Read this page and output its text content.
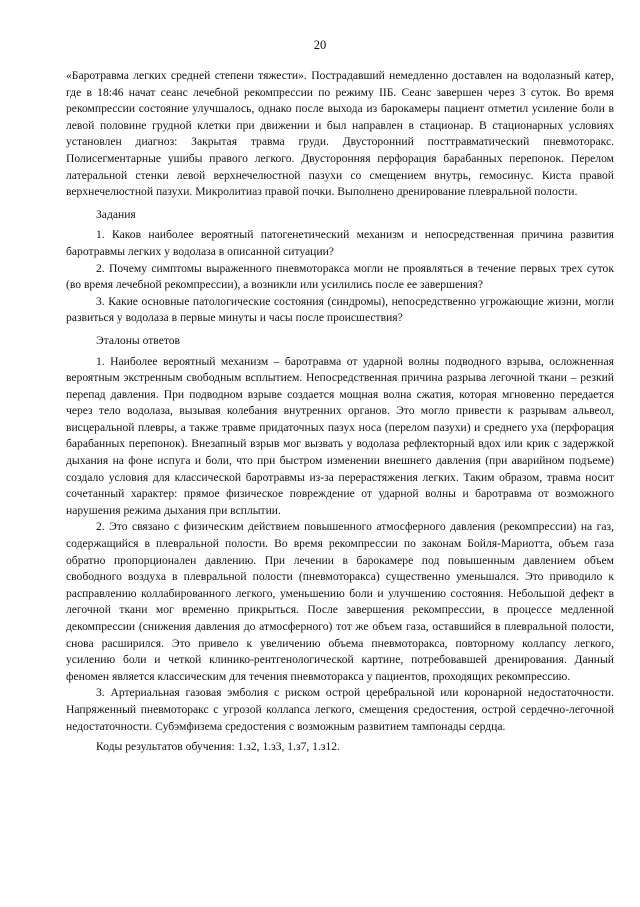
20

«Баротравма легких средней степени тяжести». Пострадавший немедленно доставлен на водолазный катер, где в 18:46 начат сеанс лечебной рекомпрессии по режиму IIБ. Сеанс завершен через 3 суток. Во время рекомпрессии состояние улучшалось, однако после выхода из барокамеры пациент отметил усиление боли в левой половине грудной клетки при движении и был направлен в стационар. В стационарных условиях установлен диагноз: Закрытая травма груди. Двусторонний посттравматический пневмоторакс. Полисегментарные ушибы правого легкого. Двусторонняя перфорация барабанных перепонок. Перелом латеральной стенки левой верхнечелюстной пазухи со смещением внутрь, гемосинус. Киста правой верхнечелюстной пазухи. Микролитиаз правой почки. Выполнено дренирование плевральной полости.

Задания

1. Каков наиболее вероятный патогенетический механизм и непосредственная причина развития баротравмы легких у водолаза в описанной ситуации?

2. Почему симптомы выраженного пневмоторакса могли не проявляться в течение первых трех суток (во время лечебной рекомпрессии), а возникли или усилились после ее завершения?

3. Какие основные патологические состояния (синдромы), непосредственно угрожающие жизни, могли развиться у водолаза в первые минуты и часы после происшествия?

Эталоны ответов

1. Наиболее вероятный механизм – баротравма от ударной волны подводного взрыва, осложненная вероятным экстренным свободным всплытием. Непосредственная причина разрыва легочной ткани – резкий перепад давления. При подводном взрыве создается мощная волна сжатия, которая мгновенно передается через тело водолаза, вызывая колебания внутренних органов. Это могло привести к разрывам альвеол, висцеральной плевры, а также травме придаточных пазух носа (перелом пазухи) и среднего уха (перфорация барабанных перепонок). Внезапный взрыв мог вызвать у водолаза рефлекторный вдох или крик с задержкой дыхания на фоне испуга и боли, что при быстром изменении внешнего давления (при аварийном подъеме) создало условия для классической баротравмы из-за перерастяжения легких. Таким образом, травма носит сочетанный характер: прямое физическое повреждение от ударной волны и баротравма от возможного нарушения режима дыхания при всплытии.

2. Это связано с физическим действием повышенного атмосферного давления (рекомпрессии) на газ, содержащийся в плевральной полости. Во время рекомпрессии по законам Бойля-Мариотта, объем газа обратно пропорционален давлению. При лечении в барокамере под повышенным давлением объем свободного воздуха в плевральной полости (пневмоторакса) существенно уменьшался. Это приводило к расправлению коллабированного легкого, уменьшению боли и улучшению состояния. Небольшой дефект в легочной ткани мог временно прикрыться. После завершения рекомпрессии, в процессе медленной декомпрессии (снижения давления до атмосферного) тот же объем газа, оставшийся в плевральной полости, снова расширился. Это привело к увеличению объема пневмоторакса, повторному коллапсу легкого, усилению боли и четкой клинико-рентгенологической картине, потребовавшей дренирования. Данный феномен является классическим для течения пневмоторакса у пациентов, проходящих рекомпрессию.

3. Артериальная газовая эмболия с риском острой церебральной или коронарной недостаточности. Напряженный пневмоторакс с угрозой коллапса легкого, смещения средостения, острой сердечно-легочной недостаточности. Субэмфизема средостения с возможным развитием тампонады сердца.

Коды результатов обучения: 1.з2, 1.з3, 1.з7, 1.з12.
